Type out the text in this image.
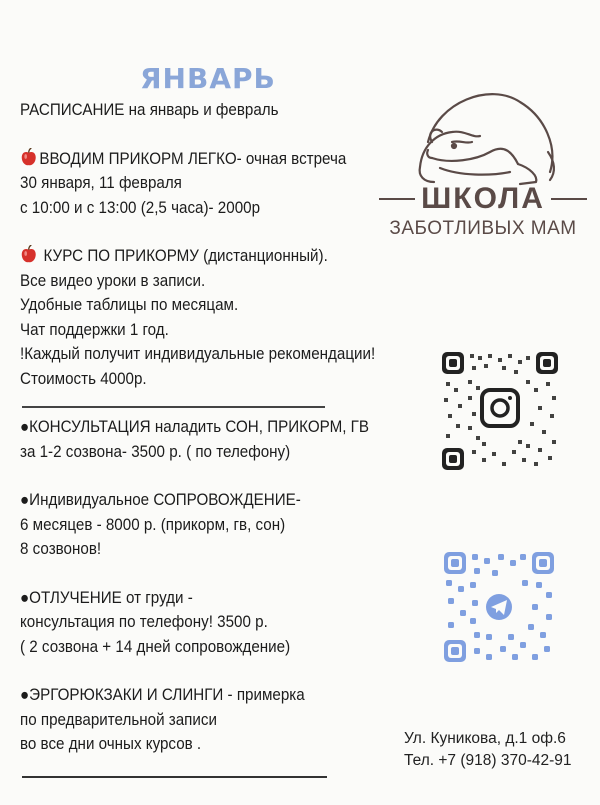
ЯНВАРЬ
РАСПИСАНИЕ на январь и февраль
ВВОДИМ ПРИКОРМ ЛЕГКО- очная встреча
30 января, 11 февраля
с 10:00 и с 13:00 (2,5 часа)- 2000р
КУРС ПО ПРИКОРМУ (дистанционный).
Все видео уроки в записи.
Удобные таблицы по месяцам.
Чат поддержки 1 год.
!Каждый получит индивидуальные рекомендации!
Стоимость 4000р.
●КОНСУЛЬТАЦИЯ наладить СОН, ПРИКОРМ, ГВ
за 1-2 созвона- 3500 р. ( по телефону)
●Индивидуальное СОПРОВОЖДЕНИЕ-
6 месяцев - 8000 р. (прикорм, гв, сон)
8 созвонов!
●ОТЛУЧЕНИЕ от груди -
консультация по телефону! 3500 р.
( 2 созвона + 14 дней сопровождение)
●ЭРГОРЮКЗАКИ И СЛИНГИ - примерка
по предварительной записи
во все дни очных курсов .
ШКОЛА
ЗАБОТЛИВЫХ МАМ
Ул. Куникова, д.1 оф.6
Тел. +7 (918) 370-42-91
